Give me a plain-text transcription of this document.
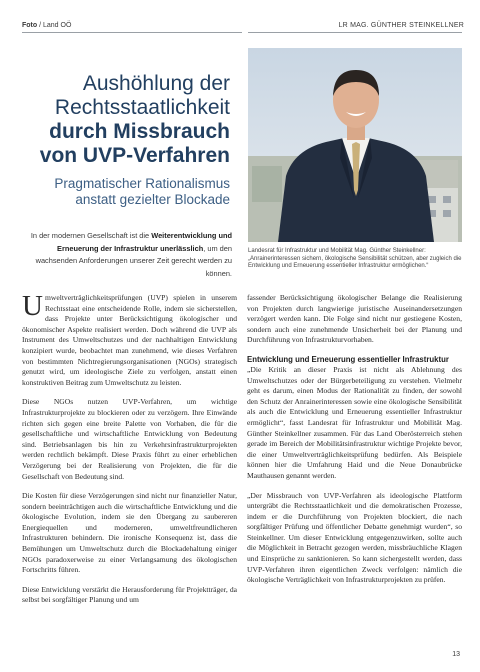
Foto / Land OÖ	LR MAG. GÜNTHER STEINKELLNER
Aushöhlung der
Rechtsstaatlichkeit
durch Missbrauch
von UVP-Verfahren
Pragmatischer Rationalismus anstatt gezielter Blockade
In der modernen Gesellschaft ist die Weiterentwicklung und Erneuerung der Infrastruktur unerlässlich, um den wachsenden Anforderungen unserer Zeit gerecht werden zu können.
Landesrat für Infrastruktur und Mobilität Mag. Günther Steinkellner: „Anrainerinteressen sichern, ökologische Sensibilität schützen, aber zugleich die Entwicklung und Erneuerung essentieller Infrastruktur ermöglichen.“

Umweltverträglichkeitsprüfungen (UVP) spielen in unserem Rechtsstaat eine entscheidende Rolle, indem sie sicherstellen, dass Projekte unter Berücksichtigung ökologischer und ökonomischer Aspekte realisiert werden. Doch während die UVP als Instrument des Umweltschutzes und der nachhaltigen Entwicklung konzipiert wurde, beobachtet man zunehmend, wie dieses Verfahren von bestimmten Nichtregierungsorganisationen (NGOs) strategisch genutzt wird, um ideologische Ziele zu verfolgen, anstatt einen konstruktiven Beitrag zum Umweltschutz zu leisten.

Diese NGOs nutzen UVP-Verfahren, um wichtige Infrastrukturprojekte zu blockieren oder zu verzögern. Ihre Einwände richten sich gegen eine breite Palette von Vorhaben, die für die gesellschaftliche und wirtschaftliche Entwicklung von Bedeutung sind. Betriebsanlagen bis hin zu Verkehrsinfrastrukturprojekten werden rechtlich bekämpft. Diese Praxis führt zu einer erheblichen Verzögerung bei der Realisierung von Projekten, die für die Gesellschaft von Bedeutung sind.

Die Kosten für diese Verzögerungen sind nicht nur finanzieller Natur, sondern beeinträchtigen auch die wirtschaftliche Entwicklung und die ökologische Evolution, indem sie den Übergang zu saubereren Energiequellen und moderneren, umweltfreundlicheren Infrastrukturen behindern. Die ironische Konsequenz ist, dass die Bemühungen um Umweltschutz durch die Blockadehaltung einiger NGOs paradoxerweise zu einer Verlangsamung des ökologischen Fortschritts führen.

Diese Entwicklung verstärkt die Herausforderung für Projektträger, da selbst bei sorgfältiger Planung und um

fassender Berücksichtigung ökologischer Belange die Realisierung von Projekten durch langwierige juristische Auseinandersetzungen verzögert werden kann. Die Folge sind nicht nur gestiegene Kosten, sondern auch eine zunehmende Unsicherheit bei der Planung und Durchführung von Infrastrukturvorhaben.

Entwicklung und Erneuerung essentieller Infrastruktur

„Die Kritik an dieser Praxis ist nicht als Ablehnung des Umweltschutzes oder der Bürgerbeteiligung zu verstehen. Vielmehr geht es darum, einen Modus der Rationalität zu finden, der sowohl den Schutz der Anrainerinteressen sowie eine ökologische Sensibilität als auch die Entwicklung und Erneuerung essentieller Infrastruktur ermöglicht“, fasst Landesrat für Infrastruktur und Mobilität Mag. Günther Steinkellner zusammen. Für das Land Oberösterreich stehen gerade im Bereich der Mobilitätsinfrastruktur wichtige Projekte bevor, die einer Umweltverträglichkeitsprüfung bedürfen. Als Beispiele können hier die Umfahrung Haid und die Neue Donaubrücke Mauthausen genannt werden.

„Der Missbrauch von UVP-Verfahren als ideologische Plattform untergräbt die Rechtsstaatlichkeit und die demokratischen Prozesse, indem er die Durchführung von Projekten blockiert, die nach sorgfältiger Prüfung und öffentlicher Debatte genehmigt wurden“, so Steinkellner. Um dieser Entwicklung entgegenzuwirken, sollte auch die Möglichkeit in Betracht gezogen werden, missbräuchliche Klagen und Einsprüche zu sanktionieren. So kann sichergestellt werden, dass UVP-Verfahren ihren eigentlichen Zweck verfolgen: nämlich die ökologische Verträglichkeit von Infrastrukturprojekten zu prüfen.

13
